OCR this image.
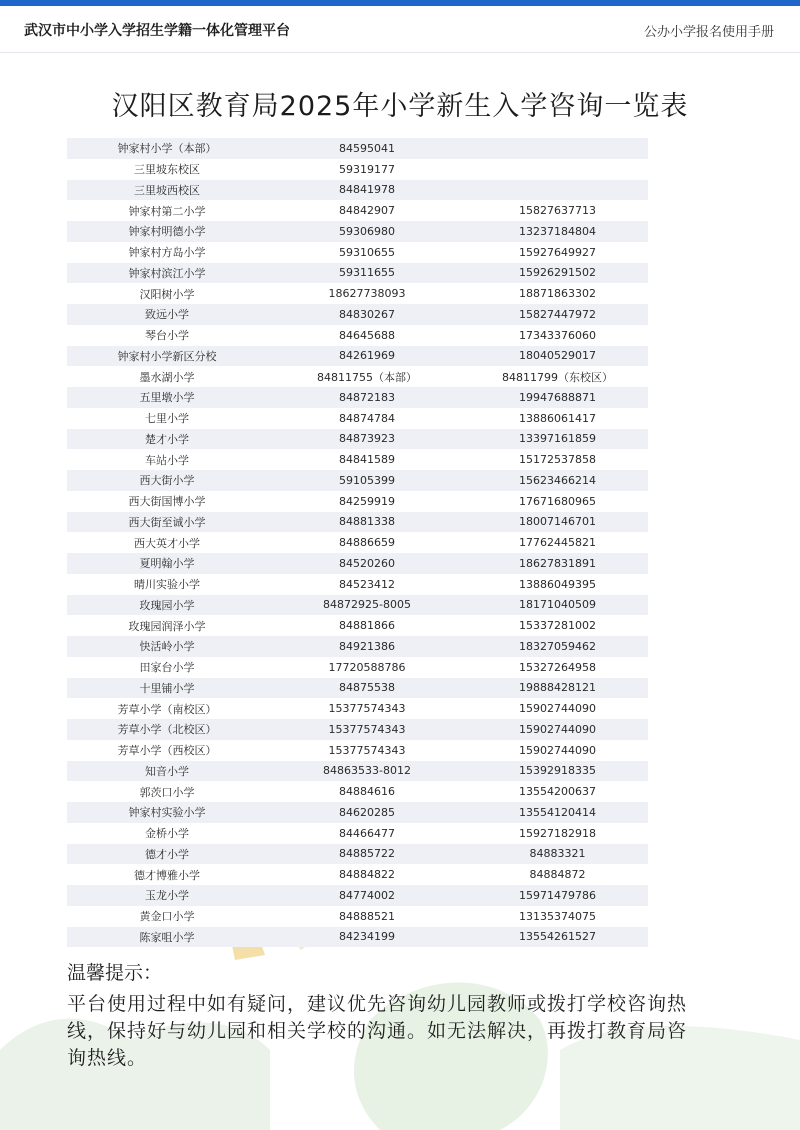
武汉市中小学入学招生学籍一体化管理平台	公办小学报名使用手册
汉阳区教育局2025年小学新生入学咨询一览表
钟家村小学（本部）	84595041
三里坡东校区	59319177
三里坡西校区	84841978
钟家村第二小学	84842907	15827637713
钟家村明德小学	59306980	13237184804
钟家村方岛小学	59310655	15927649927
钟家村滨江小学	59311655	15926291502
汉阳树小学	18627738093	18871863302
致远小学	84830267	15827447972
琴台小学	84645688	17343376060
钟家村小学新区分校	84261969	18040529017
墨水湖小学	84811755（本部）	84811799（东校区）
五里墩小学	84872183	19947688871
七里小学	84874784	13886061417
楚才小学	84873923	13397161859
车站小学	84841589	15172537858
西大街小学	59105399	15623466214
西大街国博小学	84259919	17671680965
西大街至诚小学	84881338	18007146701
西大英才小学	84886659	17762445821
夏明翰小学	84520260	18627831891
晴川实验小学	84523412	13886049395
玫瑰园小学	84872925-8005	18171040509
玫瑰园润泽小学	84881866	15337281002
快活岭小学	84921386	18327059462
田家台小学	17720588786	15327264958
十里铺小学	84875538	19888428121
芳草小学（南校区）	15377574343	15902744090
芳草小学（北校区）	15377574343	15902744090
芳草小学（西校区）	15377574343	15902744090
知音小学	84863533-8012	15392918335
郭茨口小学	84884616	13554200637
钟家村实验小学	84620285	13554120414
金桥小学	84466477	15927182918
德才小学	84885722	84883321
德才博雅小学	84884822	84884872
玉龙小学	84774002	15971479786
黄金口小学	84888521	13135374075
陈家咀小学	84234199	13554261527
温馨提示：
平台使用过程中如有疑问，建议优先咨询幼儿园教师或拨打学校咨询热线，保持好与幼儿园和相关学校的沟通。如无法解决，再拨打教育局咨询热线。
